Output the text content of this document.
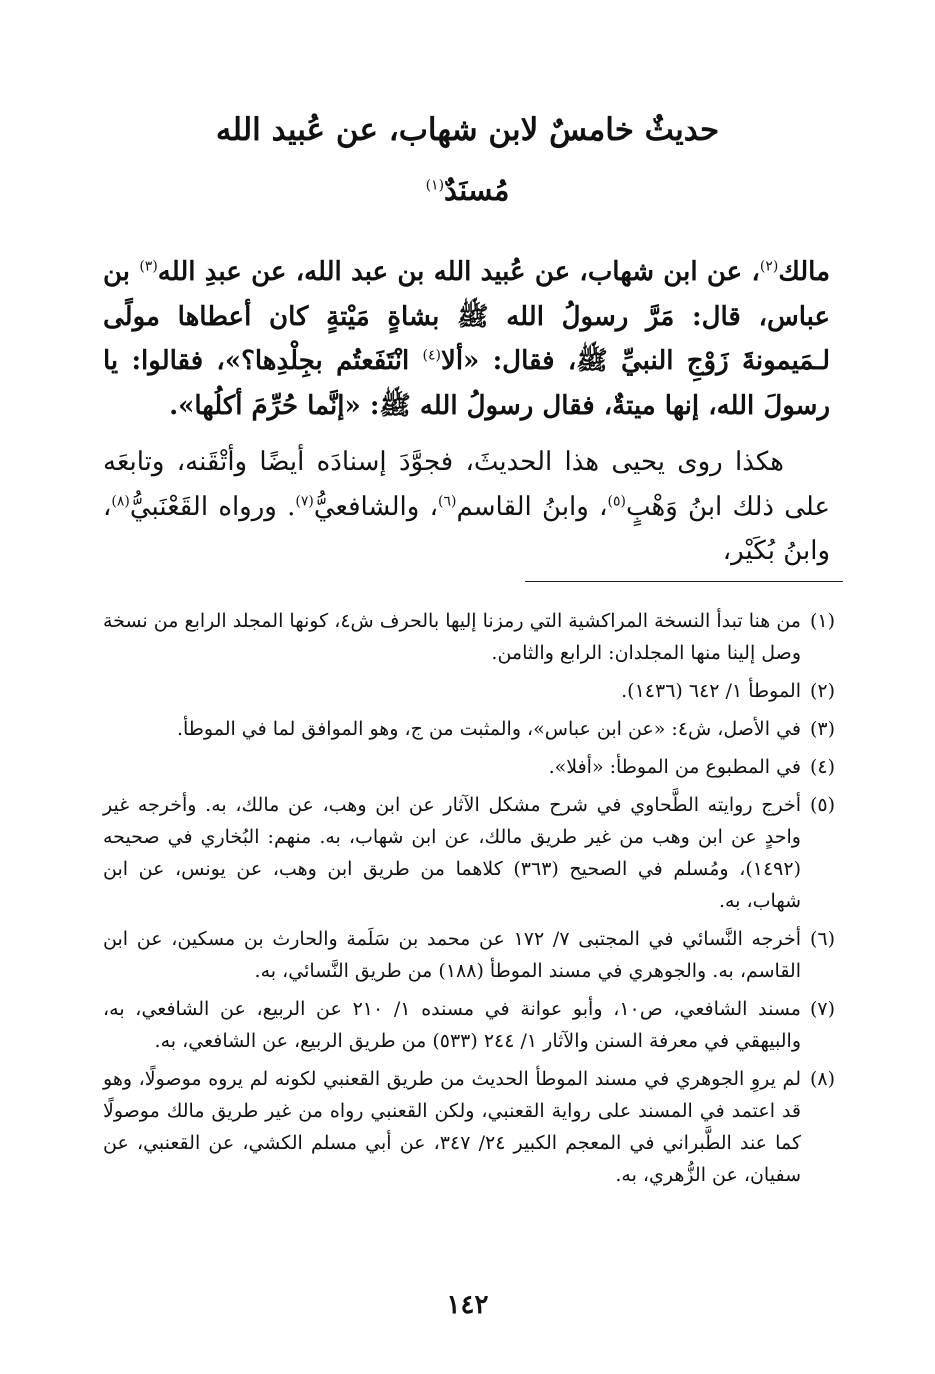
حديثٌ خامسٌ لابن شهاب، عن عُبيد الله
مُسنَدٌ$^{(١)}$

مالك$^{(٢)}$، عن ابن شهاب، عن عُبيد الله بن عبد الله، عن عبدِ الله$^{(٣)}$ بن عباس، قال: مَرَّ رسولُ الله ﷺ بشاةٍ مَيْتةٍ كان أعطاها مولًى لـمَيمونةَ زَوْجِ النبيِّ ﷺ، فقال: «ألا$^{(٤)}$ انْتَفَعتُم بجِلْدِها؟»، فقالوا: يا رسولَ الله، إنها ميتةٌ، فقال رسولُ الله ﷺ: «إنَّما حُرِّمَ أكلُها».

هكذا روى يحيى هذا الحديثَ، فجوَّدَ إسنادَه أيضًا وأتْقَنه، وتابعَه على ذلك ابنُ وَهْبٍ$^{(٥)}$، وابنُ القاسم$^{(٦)}$، والشافعيُّ$^{(٧)}$. ورواه القَعْنَبيُّ$^{(٨)}$، وابنُ بُكَيْر،

(١)
من هنا تبدأ النسخة المراكشية التي رمزنا إليها بالحرف ش٤، كونها المجلد الرابع من نسخة وصل إلينا منها المجلدان: الرابع والثامن.

(٢)
الموطأ ١/ ٦٤٢ (١٤٣٦).

(٣)
في الأصل، ش٤: «عن ابن عباس»، والمثبت من ج، وهو الموافق لما في الموطأ.

(٤)
في المطبوع من الموطأ: «أفلا».

(٥)
أخرج روايته الطَّحاوي في شرح مشكل الآثار عن ابن وهب، عن مالك، به. وأخرجه غير واحدٍ عن ابن وهب من غير طريق مالك، عن ابن شهاب، به. منهم: البُخاري في صحيحه (١٤٩٢)، ومُسلم في الصحيح (٣٦٣) كلاهما من طريق ابن وهب، عن يونس، عن ابن شهاب، به.

(٦)
أخرجه النَّسائي في المجتبى ٧/ ١٧٢ عن محمد بن سَلَمة والحارث بن مسكين، عن ابن القاسم، به. والجوهري في مسند الموطأ (١٨٨) من طريق النَّسائي، به.

(٧)
مسند الشافعي، ص١٠، وأبو عوانة في مسنده ١/ ٢١٠ عن الربيع، عن الشافعي، به، والبيهقي في معرفة السنن والآثار ١/ ٢٤٤ (٥٣٣) من طريق الربيع، عن الشافعي، به.

(٨)
لم يروِ الجوهري في مسند الموطأ الحديث من طريق القعنبي لكونه لم يروه موصولًا، وهو قد اعتمد في المسند على رواية القعنبي، ولكن القعنبي رواه من غير طريق مالك موصولًا كما عند الطَّبراني في المعجم الكبير ٢٤/ ٣٤٧، عن أبي مسلم الكشي، عن القعنبي، عن سفيان، عن الزُّهري، به.

١٤٢
